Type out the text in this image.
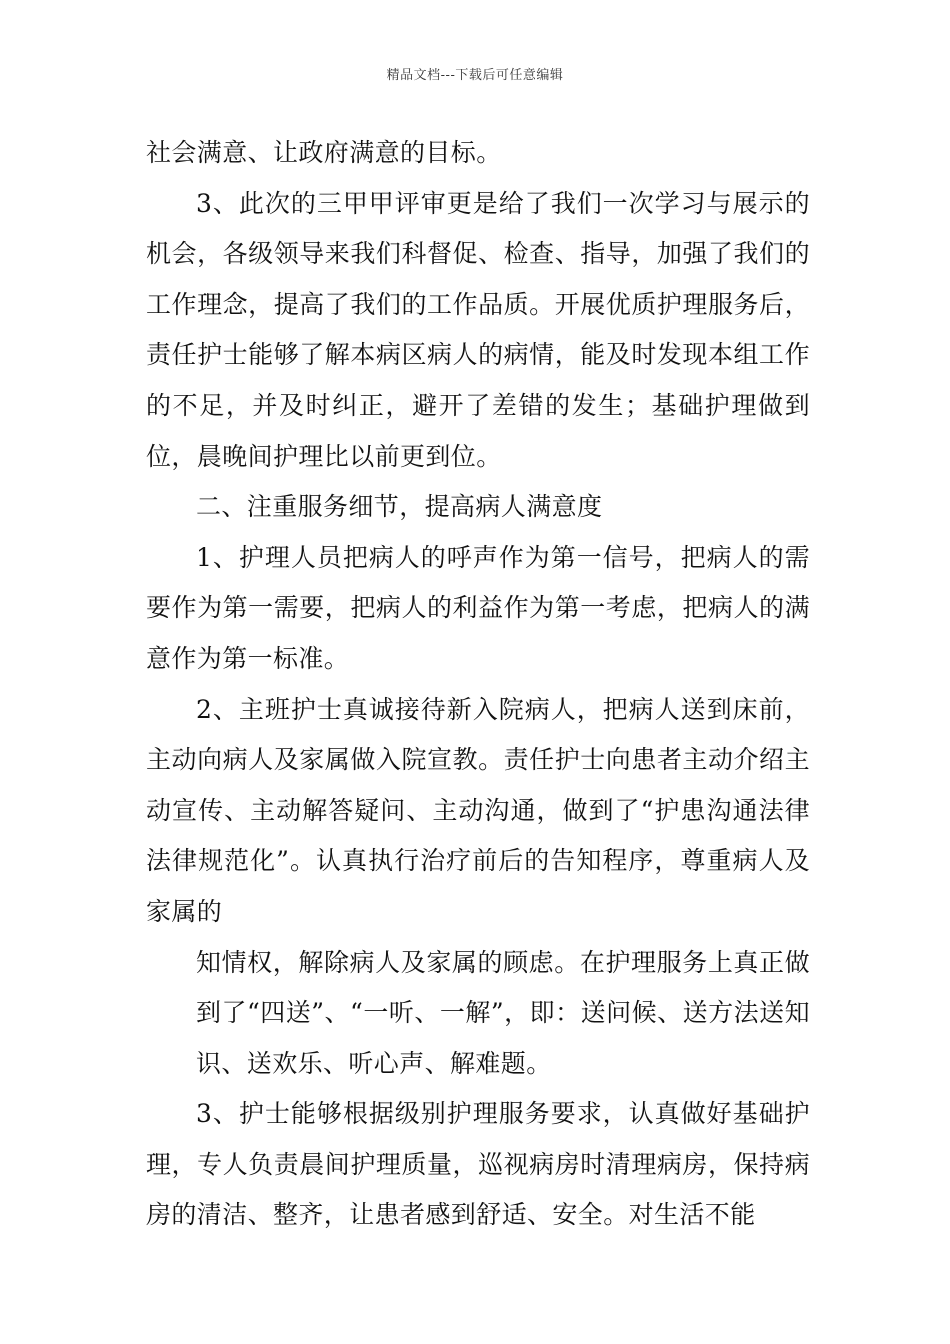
精品文档---下载后可任意编辑

社会满意、让政府满意的目标。

3、此次的三甲甲评审更是给了我们一次学习与展示的机会，各级领导来我们科督促、检查、指导，加强了我们的工作理念，提高了我们的工作品质。开展优质护理服务后，责任护士能够了解本病区病人的病情，能及时发现本组工作的不足，并及时纠正，避开了差错的发生；基础护理做到位，晨晚间护理比以前更到位。

二、注重服务细节，提高病人满意度

1、护理人员把病人的呼声作为第一信号，把病人的需要作为第一需要，把病人的利益作为第一考虑，把病人的满意作为第一标准。

2、主班护士真诚接待新入院病人，把病人送到床前，主动向病人及家属做入院宣教。责任护士向患者主动介绍主动宣传、主动解答疑问、主动沟通，做到了“护患沟通法律法律规范化”。认真执行治疗前后的告知程序，尊重病人及家属的

知情权，解除病人及家属的顾虑。在护理服务上真正做到了“四送”、“一听、一解”，即：送问候、送方法送知识、送欢乐、听心声、解难题。

3、护士能够根据级别护理服务要求，认真做好基础护理，专人负责晨间护理质量，巡视病房时清理病房，保持病房的清洁、整齐，让患者感到舒适、安全。对生活不能
